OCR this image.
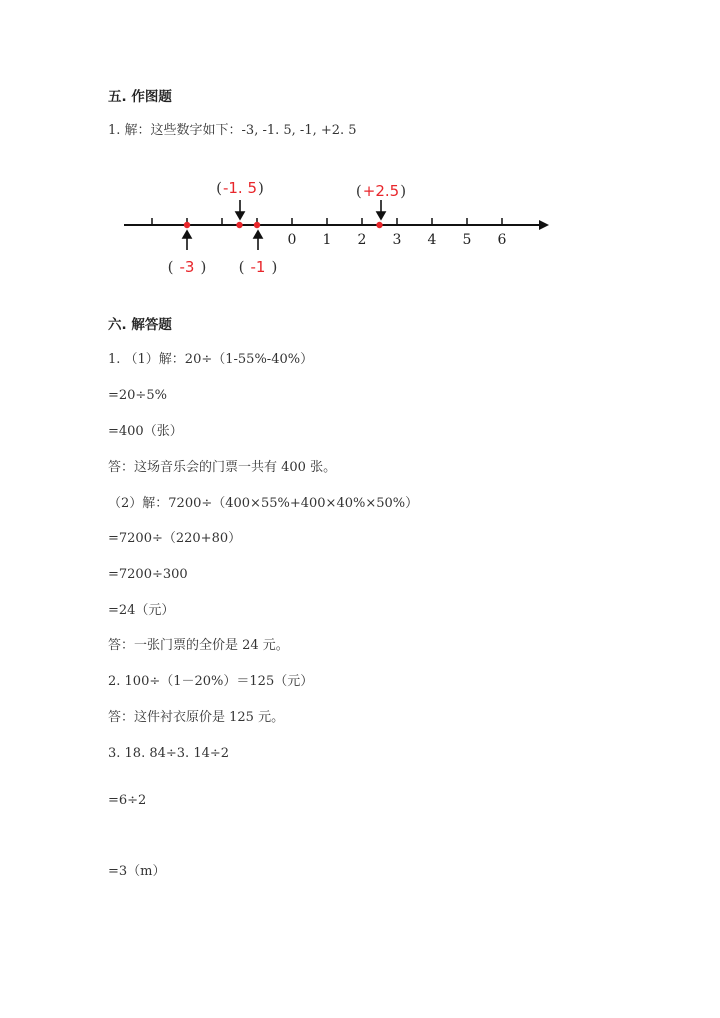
五. 作图题
1. 解：这些数字如下：-3, -1. 5, -1, +2. 5
0 1 2 3 4 5 6
( -3 ) ( -1 )
(-1. 5)	(+2.5)
六. 解答题
1. （1）解：20÷（1-55%-40%）
=20÷5%
=400（张）
答：这场音乐会的门票一共有 400 张。
（2）解：7200÷（400×55%+400×40%×50%）
=7200÷（220+80）
=7200÷300
=24（元）
答：一张门票的全价是 24 元。
2. 100÷（1－20%）＝125（元）
答：这件衬衣原价是 125 元。
3. 18. 84÷3. 14÷2
=6÷2
=3（m）
